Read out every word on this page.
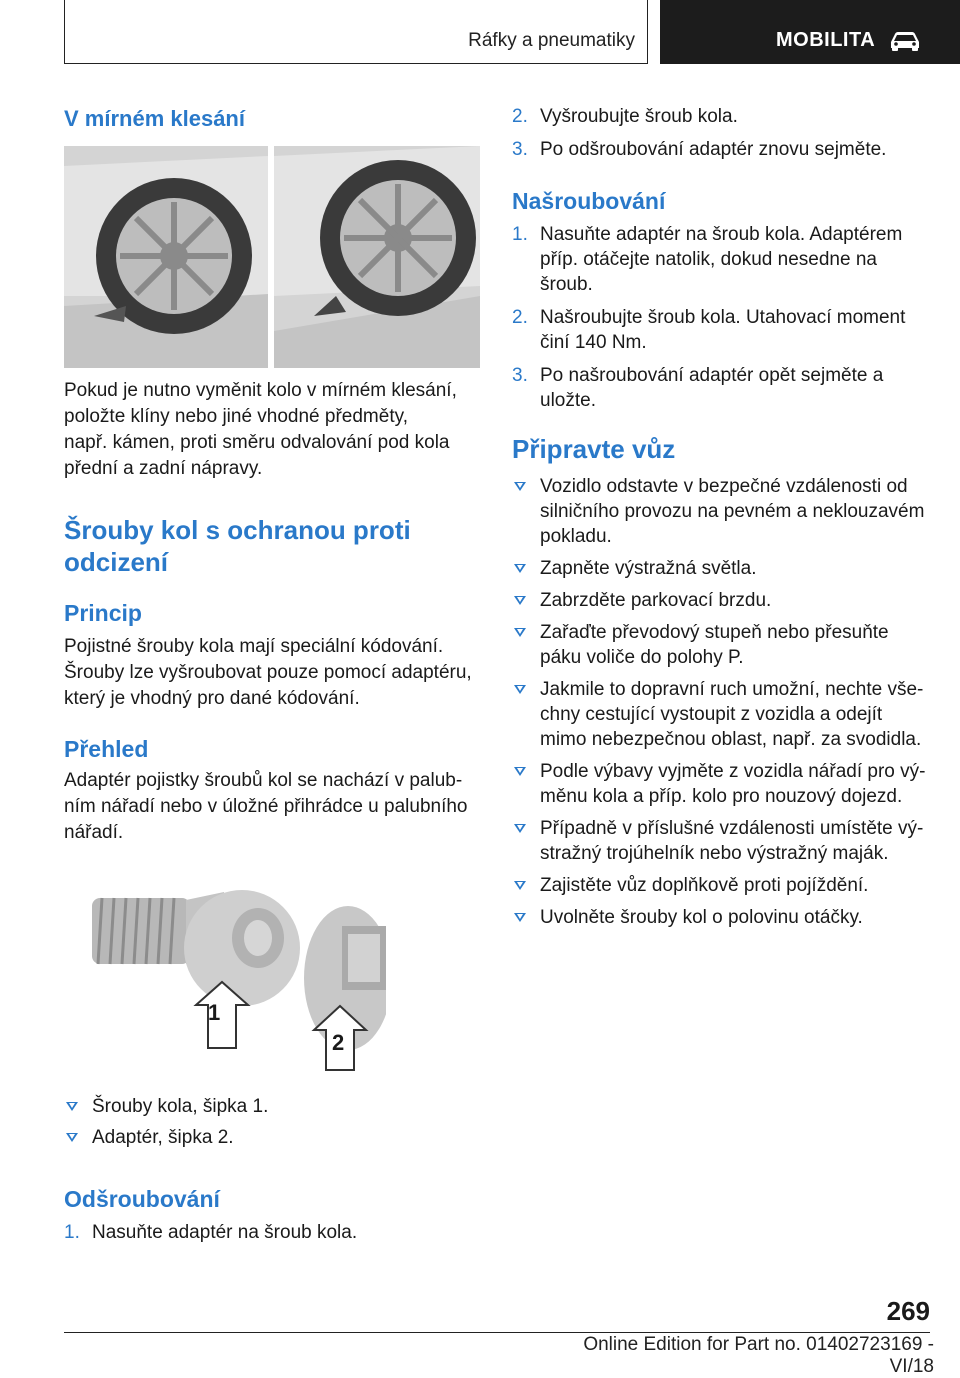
Ráfky a pneumatiky	MOBILITA
V mírném klesání
Pokud je nutno vyměnit kolo v mírném klesání,
položte klíny nebo jiné vhodné předměty,
např. kámen, proti směru odvalování pod kola
přední a zadní nápravy.
Šrouby kol s ochranou proti
odcizení
Princip
Pojistné šrouby kola mají speciální kódování.
Šrouby lze vyšroubovat pouze pomocí adaptéru,
který je vhodný pro dané kódování.
Přehled
Adaptér pojistky šroubů kol se nachází v palub-
ním nářadí nebo v úložné přihrádce u palubního
nářadí.
1
2
Šrouby kola, šipka 1.
Adaptér, šipka 2.
Odšroubování
1. Nasuňte adaptér na šroub kola.
2. Vyšroubujte šroub kola.
3. Po odšroubování adaptér znovu sejměte.
Našroubování
1. Nasuňte adaptér na šroub kola. Adaptérem
příp. otáčejte natolik, dokud nesedne na
šroub.
2. Našroubujte šroub kola. Utahovací moment
činí 140 Nm.
3. Po našroubování adaptér opět sejměte a
uložte.
Připravte vůz
Vozidlo odstavte v bezpečné vzdálenosti od
silničního provozu na pevném a neklouzavém
pokladu.
Zapněte výstražná světla.
Zabrzděte parkovací brzdu.
Zařaďte převodový stupeň nebo přesuňte
páku voliče do polohy P.
Jakmile to dopravní ruch umožní, nechte vše-
chny cestující vystoupit z vozidla a odejít
mimo nebezpečnou oblast, např. za svodidla.
Podle výbavy vyjměte z vozidla nářadí pro vý-
měnu kola a příp. kolo pro nouzový dojezd.
Případně v příslušné vzdálenosti umístěte vý-
stražný trojúhelník nebo výstražný maják.
Zajistěte vůz doplňkově proti pojíždění.
Uvolněte šrouby kol o polovinu otáčky.
269
Online Edition for Part no. 01402723169 - VI/18
